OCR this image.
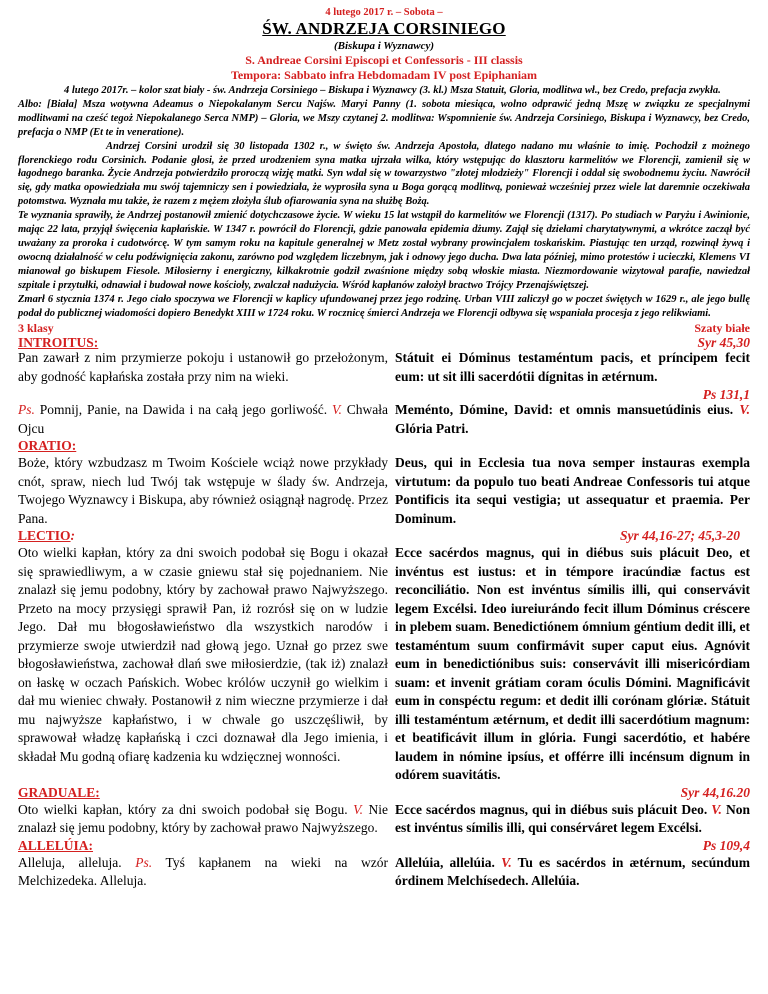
4 lutego 2017 r. – Sobota –
ŚW. ANDRZEJA CORSINIEGO
(Biskupa i Wyznawcy)
S. Andreae Corsini Episcopi et Confessoris - III classis
Tempora: Sabbato infra Hebdomadam IV post Epiphaniam

4 lutego 2017r. – kolor szat biały - św. Andrzeja Corsiniego – Biskupa i Wyznawcy (3. kl.) Msza Statuit, Gloria, modlitwa wł., bez Credo, prefacja zwykła.

Albo: [Biała] Msza wotywna Adeamus o Niepokalanym Sercu Najśw. Maryi Panny (1. sobota miesiąca, wolno odprawić jedną Mszę w związku ze specjalnymi modlitwami na cześć tegoż Niepokalanego Serca NMP) – Gloria, we Mszy czytanej 2. modlitwa: Wspomnienie św. Andrzeja Corsiniego, Biskupa i Wyznawcy, bez Credo, prefacja o NMP (Et te in veneratione).

Andrzej Corsini urodził się 30 listopada 1302 r., w święto św. Andrzeja Apostoła, dlatego nadano mu właśnie to imię. Pochodził z możnego florenckiego rodu Corsinich. Podanie głosi, że przed urodzeniem syna matka ujrzała wilka, który wstępując do klasztoru karmelitów we Florencji, zamienił się w łagodnego baranka. Życie Andrzeja potwierdziło proroczą wizję matki. Syn wdał się w towarzystwo "złotej młodzieży" Florencji i oddał się swobodnemu życiu. Nawrócił się, gdy matka opowiedziała mu swój tajemniczy sen i powiedziała, że wyprosiła syna u Boga gorącą modlitwą, ponieważ wcześniej przez wiele lat daremnie oczekiwała potomstwa. Wyznała mu także, że razem z mężem złożyła ślub ofiarowania syna na służbę Bożą.

Te wyznania sprawiły, że Andrzej postanowił zmienić dotychczasowe życie. W wieku 15 lat wstąpił do karmelitów we Florencji (1317). Po studiach w Paryżu i Awinionie, mając 22 lata, przyjął święcenia kapłańskie. W 1347 r. powrócił do Florencji, gdzie panowała epidemia dżumy. Zajął się dziełami charytatywnymi, a wkrótce zaczął być uważany za proroka i cudotwórcę. W tym samym roku na kapitule generalnej w Metz został wybrany prowincjałem toskańskim. Piastując ten urząd, rozwinął żywą i owocną działalność w celu podźwignięcia zakonu, zarówno pod względem liczebnym, jak i odnowy jego ducha. Dwa lata później, mimo protestów i ucieczki, Klemens VI mianował go biskupem Fiesole. Miłosierny i energiczny, kilkakrotnie godził zwaśnione między sobą włoskie miasta. Niezmordowanie wizytował parafie, nawiedzał szpitale i przytułki, odnawiał i budował nowe kościoły, zwalczał nadużycia. Wśród kapłanów założył bractwo Trójcy Przenajświętszej.

Zmarł 6 stycznia 1374 r. Jego ciało spoczywa we Florencji w kaplicy ufundowanej przez jego rodzinę. Urban VIII zaliczył go w poczet świętych w 1629 r., ale jego bullę podał do publicznej wiadomości dopiero Benedykt XIII w 1724 roku. W rocznicę śmierci Andrzeja we Florencji odbywa się wspaniała procesja z jego relikwiami.

3 klasy	Szaty białe
INTROITUS:	Syr 45,30
Pan zawarł z nim przymierze pokoju i ustanowił go przełożonym, aby godność kapłańska została przy nim na wieki.
Státuit ei Dóminus testaméntum pacis, et príncipem fecit eum: ut sit illi sacerdótii dígnitas in ætérnum.
Ps 131,1
Ps. Pomnij, Panie, na Dawida i na całą jego gorliwość. V. Chwała Ojcu
Meménto, Dómine, David: et omnis mansuetúdinis eius. V. Glória Patri.
ORATIO:
Boże, który wzbudzasz m Twoim Kościele wciąż nowe przykłady cnót, spraw, niech lud Twój tak wstępuje w ślady św. Andrzeja, Twojego Wyznawcy i Biskupa, aby również osiągnął nagrodę. Przez Pana.
Deus, qui in Ecclesia tua nova semper instauras exempla virtutum: da populo tuo beati Andreae Confessoris tui atque Pontificis ita sequi vestigia; ut assequatur et praemia. Per Dominum.
LECTIO:	Syr 44,16-27; 45,3-20
Oto wielki kapłan, który za dni swoich podobał się Bogu i okazał się sprawiedliwym, a w czasie gniewu stał się pojednaniem. Nie znalazł się jemu podobny, który by zachował prawo Najwyższego. Przeto na mocy przysięgi sprawił Pan, iż rozrósł się on w ludzie Jego. Dał mu błogosławieństwo dla wszystkich narodów i przymierze swoje utwierdził nad głową jego. Uznał go przez swe błogosławieństwa, zachował dlań swe miłosierdzie, (tak iż) znalazł on łaskę w oczach Pańskich. Wobec królów uczynił go wielkim i dał mu wieniec chwały. Postanowił z nim wieczne przymierze i dał mu najwyższe kapłaństwo, i w chwale go uszczęśliwił, by sprawował władzę kapłańską i czci doznawał dla Jego imienia, i składał Mu godną ofiarę kadzenia ku wdzięcznej wonności.
Ecce sacérdos magnus, qui in diébus suis plácuit Deo, et invéntus est iustus: et in témpore iracúndiæ factus est reconciliátio. Non est invéntus símilis illi, qui conservávit legem Excélsi. Ideo iureiurándo fecit illum Dóminus créscere in plebem suam. Benedictiónem ómnium géntium dedit illi, et testaméntum suum confirmávit super caput eius. Agnóvit eum in benedictiónibus suis: conservávit illi misericórdiam suam: et invenit grátiam coram óculis Dómini. Magnificávit eum in conspéctu regum: et dedit illi corónam glóriæ. Státuit illi testaméntum ætérnum, et dedit illi sacerdótium magnum: et beatificávit illum in glória. Fungi sacerdótio, et habére laudem in nómine ipsíus, et offérre illi incénsum dignum in odórem suavitátis.
GRADUALE:	Syr 44,16.20
Oto wielki kapłan, który za dni swoich podobał się Bogu. V. Nie znalazł się jemu podobny, który by zachował prawo Najwyższego.
Ecce sacérdos magnus, qui in diébus suis plácuit Deo. V. Non est invéntus símilis illi, qui consérváret legem Excélsi.
ALLELÚIA:	Ps 109,4
Alleluja, alleluja. Ps. Tyś kapłanem na wieki na wzór Melchizedeka. Alleluja.
Allelúia, allelúia. V. Tu es sacérdos in ætérnum, secúndum órdinem Melchísedech. Allelúia.
